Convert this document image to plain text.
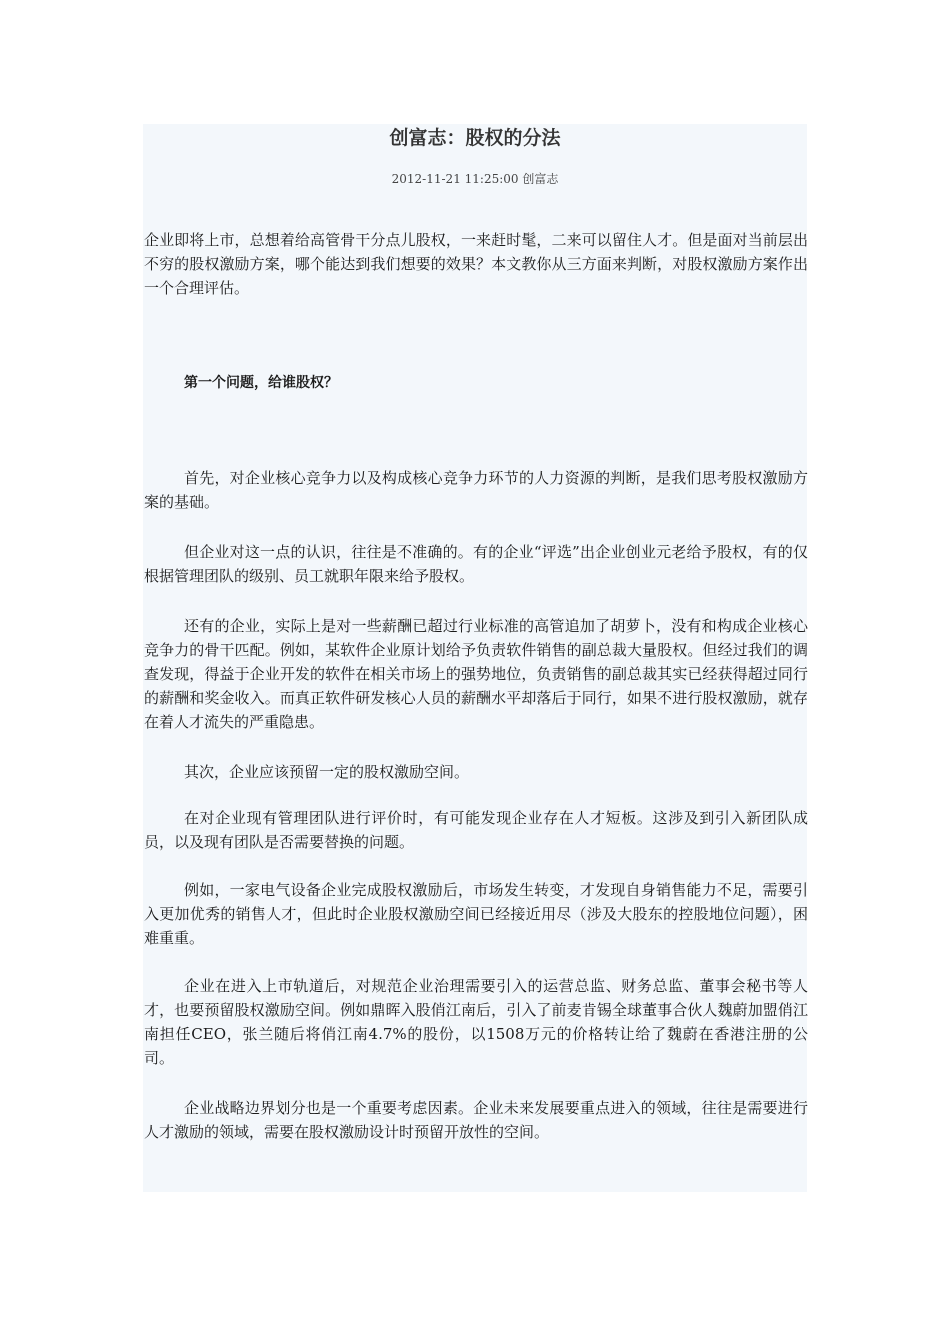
创富志：股权的分法
2012-11-21 11:25:00 创富志

企业即将上市，总想着给高管骨干分点儿股权，一来赶时髦，二来可以留住人才。但是面对当前层出不穷的股权激励方案，哪个能达到我们想要的效果？本文教你从三方面来判断，对股权激励方案作出一个合理评估。

第一个问题，给谁股权？

首先，对企业核心竞争力以及构成核心竞争力环节的人力资源的判断，是我们思考股权激励方案的基础。

但企业对这一点的认识，往往是不准确的。有的企业“评选”出企业创业元老给予股权，有的仅根据管理团队的级别、员工就职年限来给予股权。

还有的企业，实际上是对一些薪酬已超过行业标准的高管追加了胡萝卜，没有和构成企业核心竞争力的骨干匹配。例如，某软件企业原计划给予负责软件销售的副总裁大量股权。但经过我们的调查发现，得益于企业开发的软件在相关市场上的强势地位，负责销售的副总裁其实已经获得超过同行的薪酬和奖金收入。而真正软件研发核心人员的薪酬水平却落后于同行，如果不进行股权激励，就存在着人才流失的严重隐患。

其次，企业应该预留一定的股权激励空间。

在对企业现有管理团队进行评价时，有可能发现企业存在人才短板。这涉及到引入新团队成员，以及现有团队是否需要替换的问题。

例如，一家电气设备企业完成股权激励后，市场发生转变，才发现自身销售能力不足，需要引入更加优秀的销售人才，但此时企业股权激励空间已经接近用尽（涉及大股东的控股地位问题），困难重重。

企业在进入上市轨道后，对规范企业治理需要引入的运营总监、财务总监、董事会秘书等人才，也要预留股权激励空间。例如鼎晖入股俏江南后，引入了前麦肯锡全球董事合伙人魏蔚加盟俏江南担任CEO，张兰随后将俏江南4.7%的股份，以1508万元的价格转让给了魏蔚在香港注册的公司。

企业战略边界划分也是一个重要考虑因素。企业未来发展要重点进入的领域，往往是需要进行人才激励的领域，需要在股权激励设计时预留开放性的空间。
